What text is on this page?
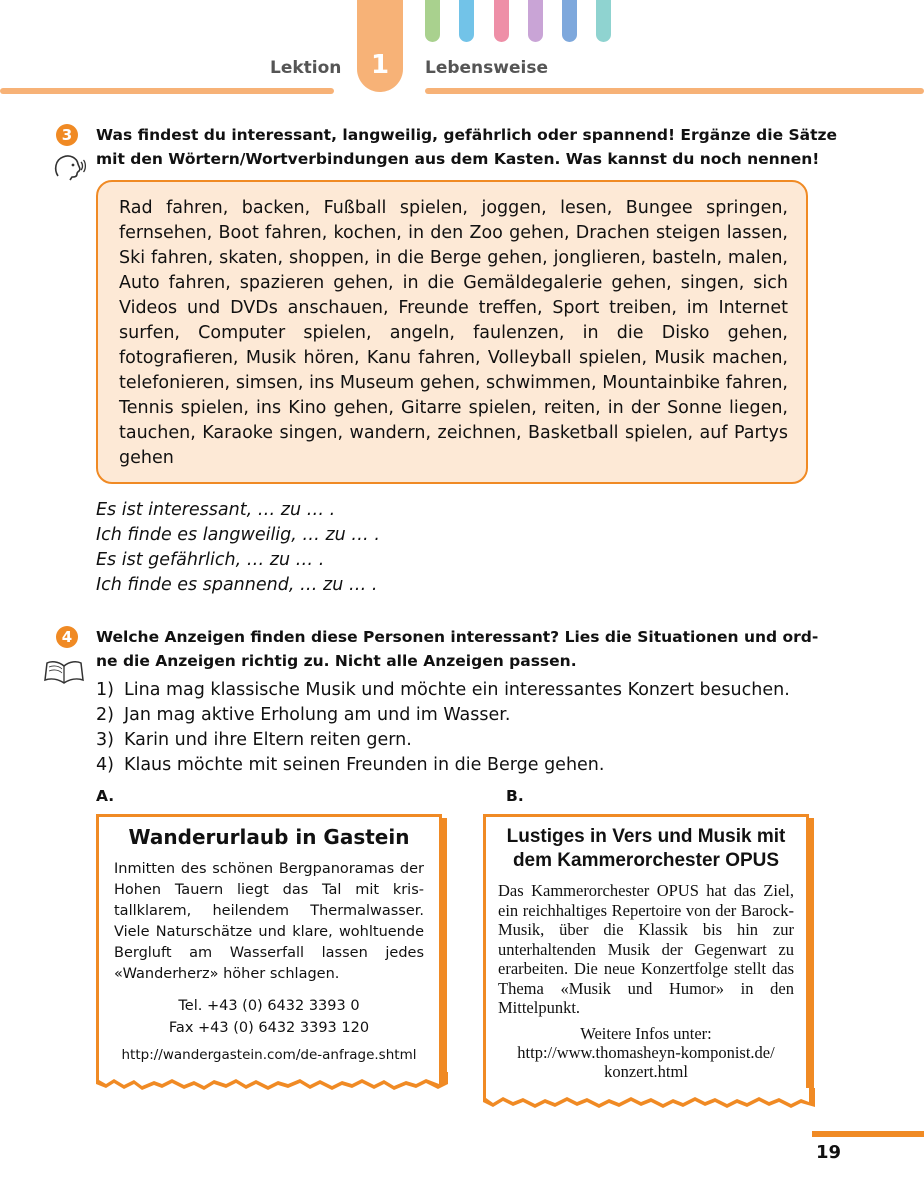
1
Lektion	Lebensweise
3	Was findest du interessant, langweilig, gefährlich oder spannend! Ergänze die Sätze
mit den Wörtern/Wortverbindungen aus dem Kasten. Was kannst du noch nennen!
Rad fahren, backen, Fußball spielen, joggen, lesen, Bungee springen, fernsehen, Boot fahren, kochen, in den Zoo gehen, Drachen steigen lassen, Ski fahren, skaten, shoppen, in die Berge gehen, jonglieren, basteln, malen, Auto fahren, spazieren gehen, in die Gemäldegalerie gehen, singen, sich Videos und DVDs anschauen, Freunde treffen, Sport treiben, im Internet surfen, Computer spielen, angeln, faulenzen, in die Disko gehen, fotografieren, Musik hören, Kanu fahren, Volleyball spielen, Musik machen, telefonieren, simsen, ins Museum gehen, schwimmen, Mountainbike fahren, Tennis spielen, ins Kino gehen, Gitarre spielen, reiten, in der Sonne liegen, tauchen, Karaoke singen, wandern, zeichnen, Basketball spielen, auf Partys gehen
Es ist interessant, … zu … .
Ich finde es langweilig, … zu … .
Es ist gefährlich, … zu … .
Ich finde es spannend, … zu … .
4	Welche Anzeigen finden diese Personen interessant? Lies die Situationen und ord-
ne die Anzeigen richtig zu. Nicht alle Anzeigen passen.
1) Lina mag klassische Musik und möchte ein interessantes Konzert besuchen.
2) Jan mag aktive Erholung am und im Wasser.
3) Karin und ihre Eltern reiten gern.
4) Klaus möchte mit seinen Freunden in die Berge gehen.
A.	B.
Wanderurlaub in Gastein
Inmitten des schönen Bergpanoramas der Hohen Tauern liegt das Tal mit kristallklarem, heilendem Thermalwasser. Viele Naturschätze und klare, wohltuende Bergluft am Wasserfall lassen jedes «Wanderherz» höher schlagen.
Tel. +43 (0) 6432 3393 0
Fax +43 (0) 6432 3393 120
http://wandergastein.com/de-anfrage.shtml
Lustiges in Vers und Musik mit dem Kammerorchester OPUS
Das Kammerorchester OPUS hat das Ziel, ein reichhaltiges Repertoire von der Barock-Musik, über die Klassik bis hin zur unterhaltenden Musik der Gegenwart zu erarbeiten. Die neue Konzertfolge stellt das Thema «Musik und Humor» in den Mittelpunkt.
Weitere Infos unter:
http://www.thomasheyn-komponist.de/
konzert.html
19
